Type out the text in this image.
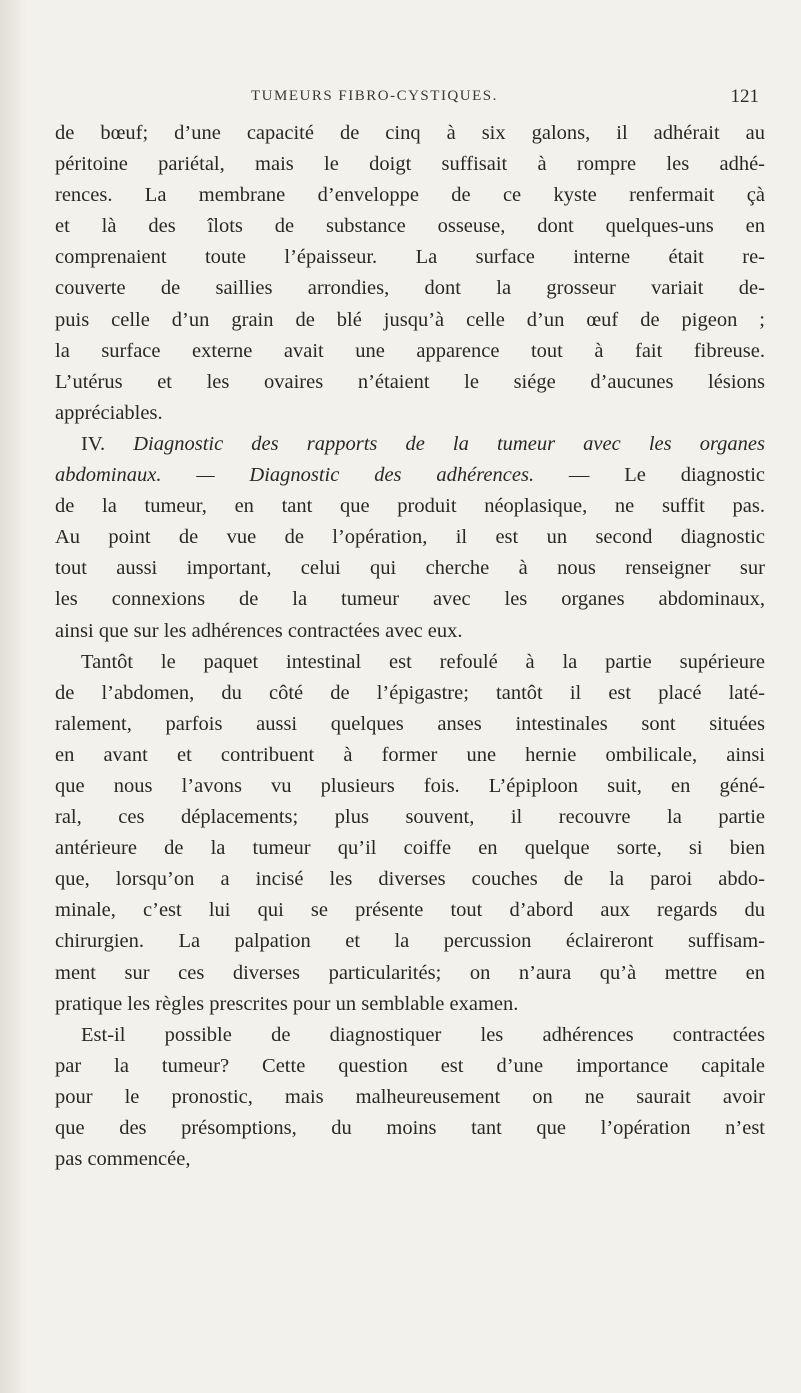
TUMEURS FIBRO-CYSTIQUES.	121
de bœuf; d’une capacité de cinq à six galons, il adhérait au
péritoine pariétal, mais le doigt suffisait à rompre les adhé-
rences. La membrane d’enveloppe de ce kyste renfermait çà
et là des îlots de substance osseuse, dont quelques-uns en
comprenaient toute l’épaisseur. La surface interne était re-
couverte de saillies arrondies, dont la grosseur variait de-
puis celle d’un grain de blé jusqu’à celle d’un œuf de pigeon ;
la surface externe avait une apparence tout à fait fibreuse.
L’utérus et les ovaires n’étaient le siége d’aucunes lésions
appréciables.
IV. Diagnostic des rapports de la tumeur avec les organes
abdominaux. — Diagnostic des adhérences. — Le diagnostic
de la tumeur, en tant que produit néoplasique, ne suffit pas.
Au point de vue de l’opération, il est un second diagnostic
tout aussi important, celui qui cherche à nous renseigner sur
les connexions de la tumeur avec les organes abdominaux,
ainsi que sur les adhérences contractées avec eux.
Tantôt le paquet intestinal est refoulé à la partie supérieure
de l’abdomen, du côté de l’épigastre; tantôt il est placé laté-
ralement, parfois aussi quelques anses intestinales sont situées
en avant et contribuent à former une hernie ombilicale, ainsi
que nous l’avons vu plusieurs fois. L’épiploon suit, en géné-
ral, ces déplacements; plus souvent, il recouvre la partie
antérieure de la tumeur qu’il coiffe en quelque sorte, si bien
que, lorsqu’on a incisé les diverses couches de la paroi abdo-
minale, c’est lui qui se présente tout d’abord aux regards du
chirurgien. La palpation et la percussion éclaireront suffisam-
ment sur ces diverses particularités; on n’aura qu’à mettre en
pratique les règles prescrites pour un semblable examen.
Est-il possible de diagnostiquer les adhérences contractées
par la tumeur? Cette question est d’une importance capitale
pour le pronostic, mais malheureusement on ne saurait avoir
que des présomptions, du moins tant que l’opération n’est
pas commencée,
